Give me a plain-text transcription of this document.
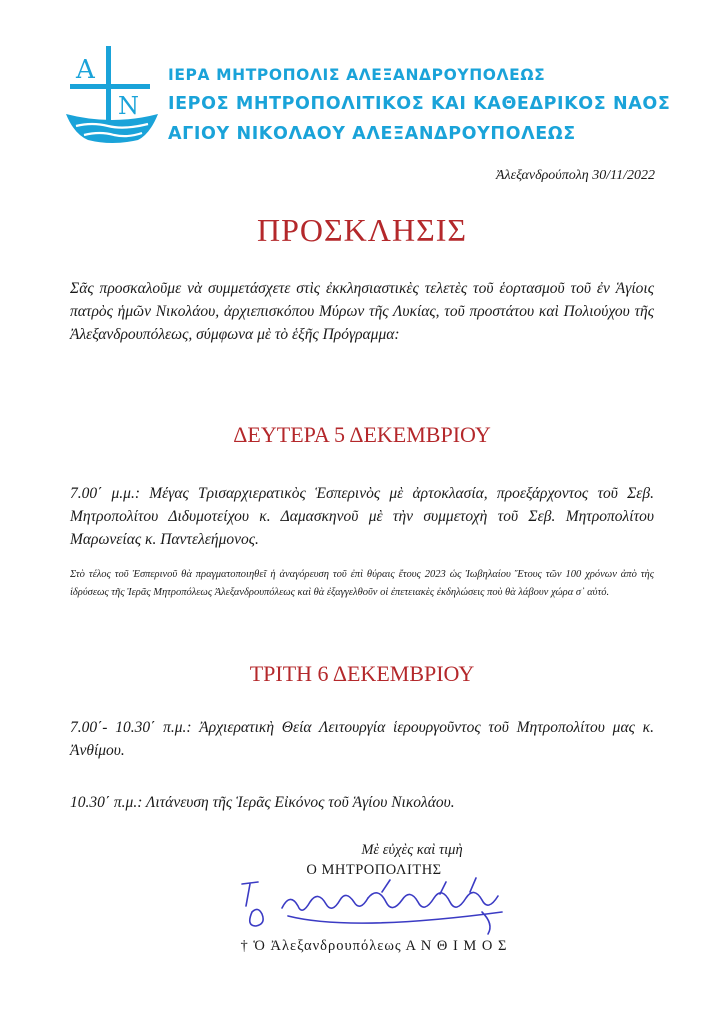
Α
Ν
ΙΕΡΑ ΜΗΤΡΟΠΟΛΙΣ ΑΛΕΞΑΝΔΡΟΥΠΟΛΕΩΣ
ΙΕΡΟΣ ΜΗΤΡΟΠΟΛΙΤΙΚΟΣ ΚΑΙ ΚΑΘΕΔΡΙΚΟΣ ΝΑΟΣ
ΑΓΙΟΥ ΝΙΚΟΛΑΟΥ ΑΛΕΞΑΝΔΡΟΥΠΟΛΕΩΣ
Ἀλεξανδρούπολη 30/11/2022
ΠΡΟΣΚΛΗΣΙΣ
Σᾶς προσκαλοῦμε νὰ συμμετάσχετε στὶς ἐκκλησιαστικὲς τελετὲς τοῦ ἑορτασμοῦ τοῦ ἐν Ἁγίοις πατρὸς ἡμῶν Νικολάου, ἀρχιεπισκόπου Μύρων τῆς Λυκίας, τοῦ προστάτου καὶ Πολιούχου τῆς Ἀλεξανδρουπόλεως, σύμφωνα μὲ τὸ ἑξῆς Πρόγραμμα:
ΔΕΥΤΕΡΑ 5 ΔΕΚΕΜΒΡΙΟΥ
7.00΄ μ.μ.: Μέγας Τρισαρχιερατικὸς Ἑσπερινὸς μὲ ἀρτοκλασία, προεξάρχοντος τοῦ Σεβ. Μητροπολίτου Διδυμοτείχου κ. Δαμασκηνοῦ μὲ τὴν συμμετοχὴ τοῦ Σεβ. Μητροπολίτου Μαρωνείας κ. Παντελεήμονος.
Στὸ τέλος τοῦ Ἑσπερινοῦ θὰ πραγματοποιηθεῖ ἡ ἀναγόρευση τοῦ ἐπὶ θύραις ἔτους 2023 ὡς Ἰωβηλαίου Ἔτους τῶν 100 χρόνων ἀπὸ τὴς ἱδρύσεως τῆς Ἱερᾶς Μητροπόλεως Ἀλεξανδρουπόλεως καὶ θὰ ἐξαγγελθοῦν οἱ ἐπετειακὲς ἐκδηλώσεις ποὺ θὰ λάβουν χώρα σ᾽ αὐτό.
ΤΡΙΤΗ 6 ΔΕΚΕΜΒΡΙΟΥ
7.00΄- 10.30΄ π.μ.: Ἀρχιερατικὴ Θεία Λειτουργία ἱερουργοῦντος τοῦ Μητροπολίτου μας κ. Ἀνθίμου.
10.30΄ π.μ.: Λιτάνευση τῆς Ἱερᾶς Εἰκόνος τοῦ Ἁγίου Νικολάου.
Μὲ εὐχὲς καὶ τιμὴ
Ο ΜΗΤΡΟΠΟΛΙΤΗΣ
† Ὁ Ἀλεξανδρουπόλεως Α Ν Θ Ι Μ Ο Σ
